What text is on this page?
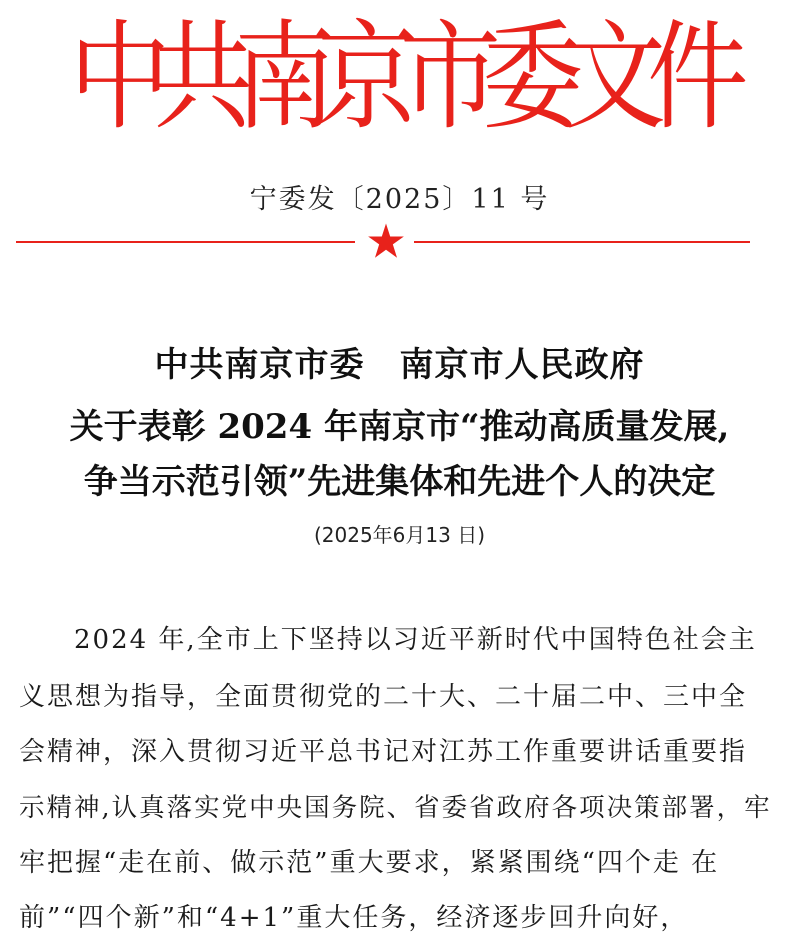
中共南京市委文件
宁委发〔2025〕11 号
中共南京市委　南京市人民政府
关于表彰 2024 年南京市“推动高质量发展,
争当示范引领”先进集体和先进个人的决定
(2025年6月13 日)
2024 年,全市上下坚持以习近平新时代中国特色社会主
义思想为指导，全面贯彻党的二十大、二十届二中、三中全
会精神，深入贯彻习近平总书记对江苏工作重要讲话重要指
示精神,认真落实党中央国务院、省委省政府各项决策部署，牢
牢把握“走在前、做示范”重大要求，紧紧围绕“四个走 在
前”“四个新”和“4+1”重大任务，经济逐步回升向好，
